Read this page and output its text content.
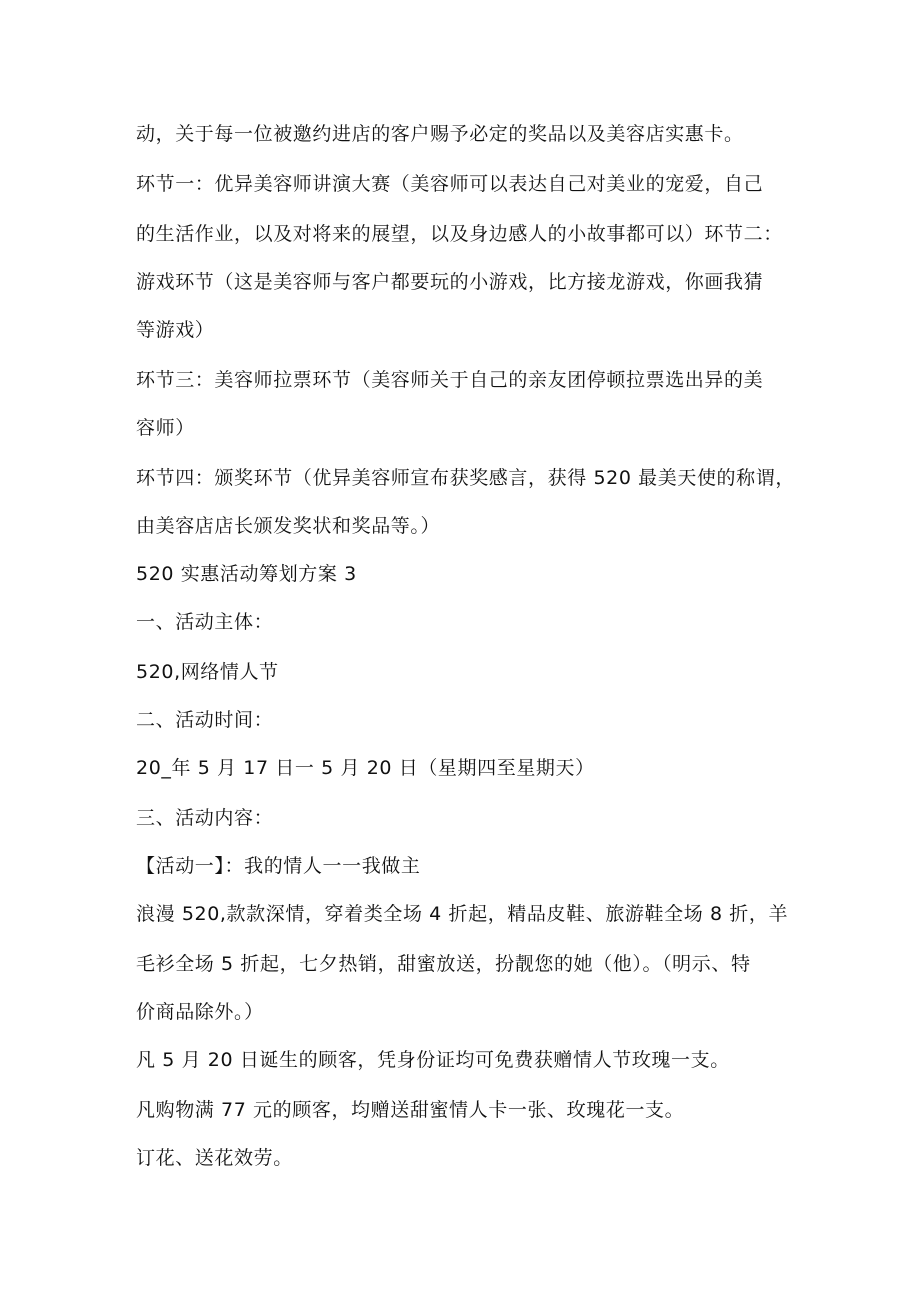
动，关于每一位被邀约进店的客户赐予必定的奖品以及美容店实惠卡。
环节一：优异美容师讲演大赛（美容师可以表达自己对美业的宠爱，自己
的生活作业，以及对将来的展望，以及身边感人的小故事都可以）环节二：
游戏环节（这是美容师与客户都要玩的小游戏，比方接龙游戏，你画我猜
等游戏）
环节三：美容师拉票环节（美容师关于自己的亲友团停顿拉票选出异的美
容师）
环节四：颁奖环节（优异美容师宣布获奖感言，获得 520 最美天使的称谓，
由美容店店长颁发奖状和奖品等。）
520 实惠活动筹划方案 3
一、活动主体：
520,网络情人节
二、活动时间：
20_年 5 月 17 日一 5 月 20 日（星期四至星期天）
三、活动内容：
【活动一】：我的情人一一我做主
浪漫 520,款款深情，穿着类全场 4 折起，精品皮鞋、旅游鞋全场 8 折，羊
毛衫全场 5 折起，七夕热销，甜蜜放送，扮靓您的她（他）。（明示、特
价商品除外。）
凡 5 月 20 日诞生的顾客，凭身份证均可免费获赠情人节玫瑰一支。
凡购物满 77 元的顾客，均赠送甜蜜情人卡一张、玫瑰花一支。
订花、送花效劳。
